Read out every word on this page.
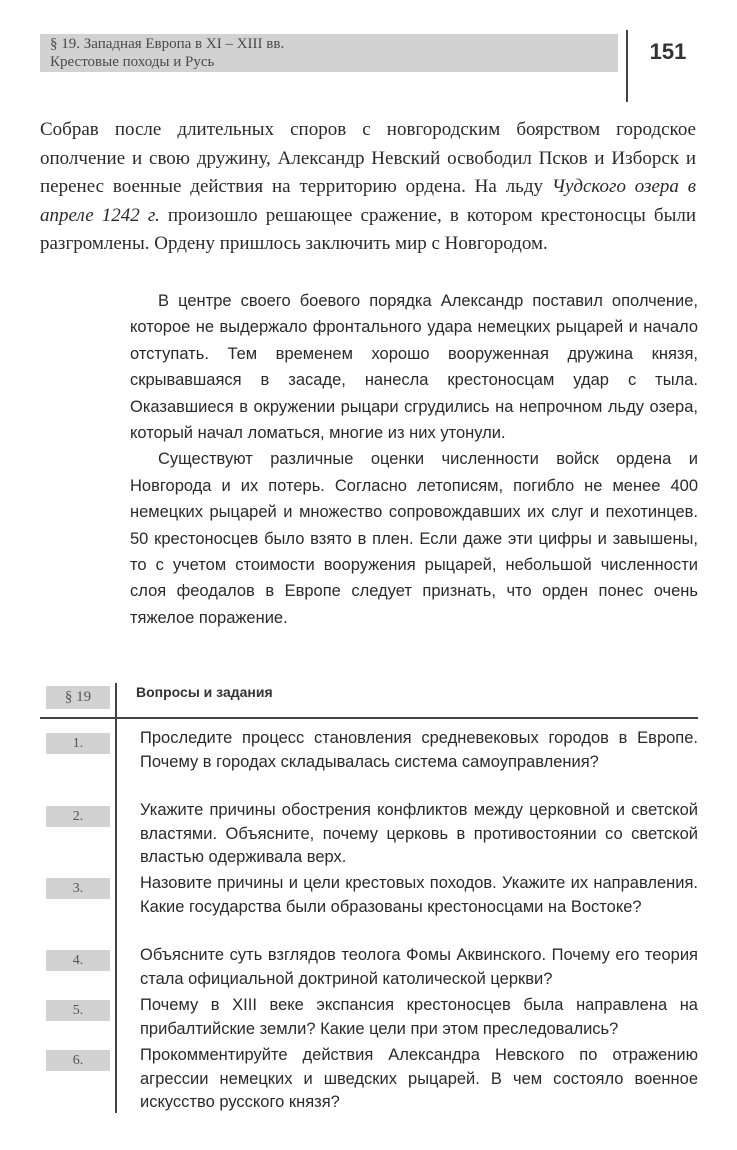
§ 19. Западная Европа в XI – XIII вв.
Крестовые походы и Русь	151
Собрав после длительных споров с новгородским боярством городское ополчение и свою дружину, Александр Невский освободил Псков и Изборск и перенес военные действия на территорию ордена. На льду Чудского озера в апреле 1242 г. произошло решающее сражение, в котором крестоносцы были разгромлены. Ордену пришлось заключить мир с Новгородом.

В центре своего боевого порядка Александр поставил ополчение, которое не выдержало фронтального удара немецких рыцарей и начало отступать. Тем временем хорошо вооруженная дружина князя, скрывавшаяся в засаде, нанесла крестоносцам удар с тыла. Оказавшиеся в окружении рыцари сгрудились на непрочном льду озера, который начал ломаться, многие из них утонули.

Существуют различные оценки численности войск ордена и Новгорода и их потерь. Согласно летописям, погибло не менее 400 немецких рыцарей и множество сопровождавших их слуг и пехотинцев. 50 крестоносцев было взято в плен. Если даже эти цифры и завышены, то с учетом стоимости вооружения рыцарей, небольшой численности слоя феодалов в Европе следует признать, что орден понес очень тяжелое поражение.

§ 19	Вопросы и задания
1.	Проследите процесс становления средневековых городов в Европе. Почему в городах складывалась система самоуправления?
2.	Укажите причины обострения конфликтов между церковной и светской властями. Объясните, почему церковь в противостоянии со светской властью одерживала верх.
3.	Назовите причины и цели крестовых походов. Укажите их направления. Какие государства были образованы крестоносцами на Востоке?
4.	Объясните суть взглядов теолога Фомы Аквинского. Почему его теория стала официальной доктриной католической церкви?
5.	Почему в XIII веке экспансия крестоносцев была направлена на прибалтийские земли? Какие цели при этом преследовались?
6.	Прокомментируйте действия Александра Невского по отражению агрессии немецких и шведских рыцарей. В чем состояло военное искусство русского князя?
